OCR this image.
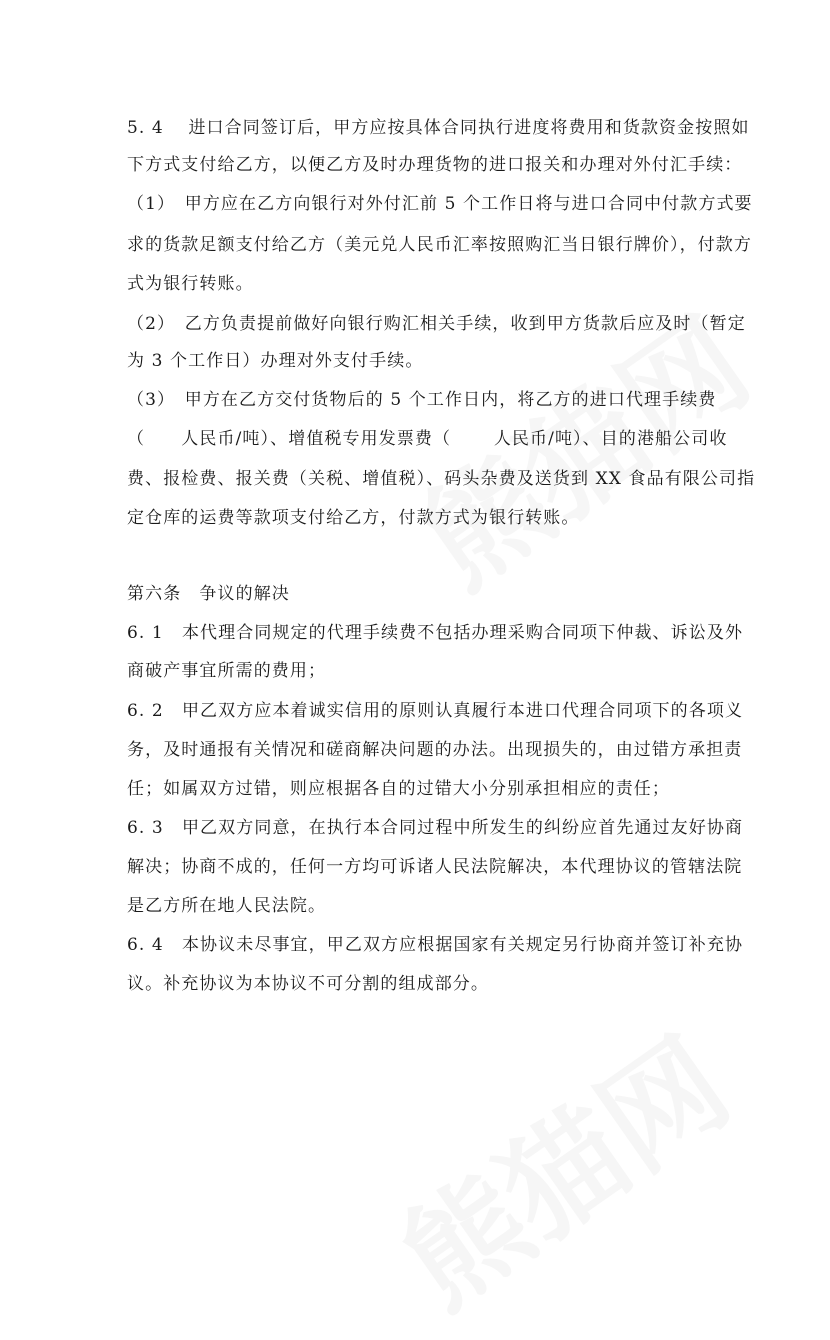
5. 4　 进口合同签订后，甲方应按具体合同执行进度将费用和货款资金按照如
下方式支付给乙方，以便乙方及时办理货物的进口报关和办理对外付汇手续：
（1）　甲方应在乙方向银行对外付汇前 5 个工作日将与进口合同中付款方式要
求的货款足额支付给乙方（美元兑人民币汇率按照购汇当日银行牌价），付款方
式为银行转账。
（2）　乙方负责提前做好向银行购汇相关手续，收到甲方货款后应及时（暂定
为 3 个工作日）办理对外支付手续。
（3）　甲方在乙方交付货物后的 5 个工作日内，将乙方的进口代理手续费
（　　人民币/吨）、增值税专用发票费（　　 人民币/吨）、目的港船公司收
费、报检费、报关费（关税、增值税）、码头杂费及送货到 XX 食品有限公司指
定仓库的运费等款项支付给乙方，付款方式为银行转账。
第六条　争议的解决
6. 1　本代理合同规定的代理手续费不包括办理采购合同项下仲裁、诉讼及外
商破产事宜所需的费用；
6. 2　甲乙双方应本着诚实信用的原则认真履行本进口代理合同项下的各项义
务，及时通报有关情况和磋商解决问题的办法。出现损失的，由过错方承担责
任；如属双方过错，则应根据各自的过错大小分别承担相应的责任；
6. 3　甲乙双方同意，在执行本合同过程中所发生的纠纷应首先通过友好协商
解决；协商不成的，任何一方均可诉诸人民法院解决，本代理协议的管辖法院
是乙方所在地人民法院。
6. 4　本协议未尽事宜，甲乙双方应根据国家有关规定另行协商并签订补充协
议。补充协议为本协议不可分割的组成部分。
